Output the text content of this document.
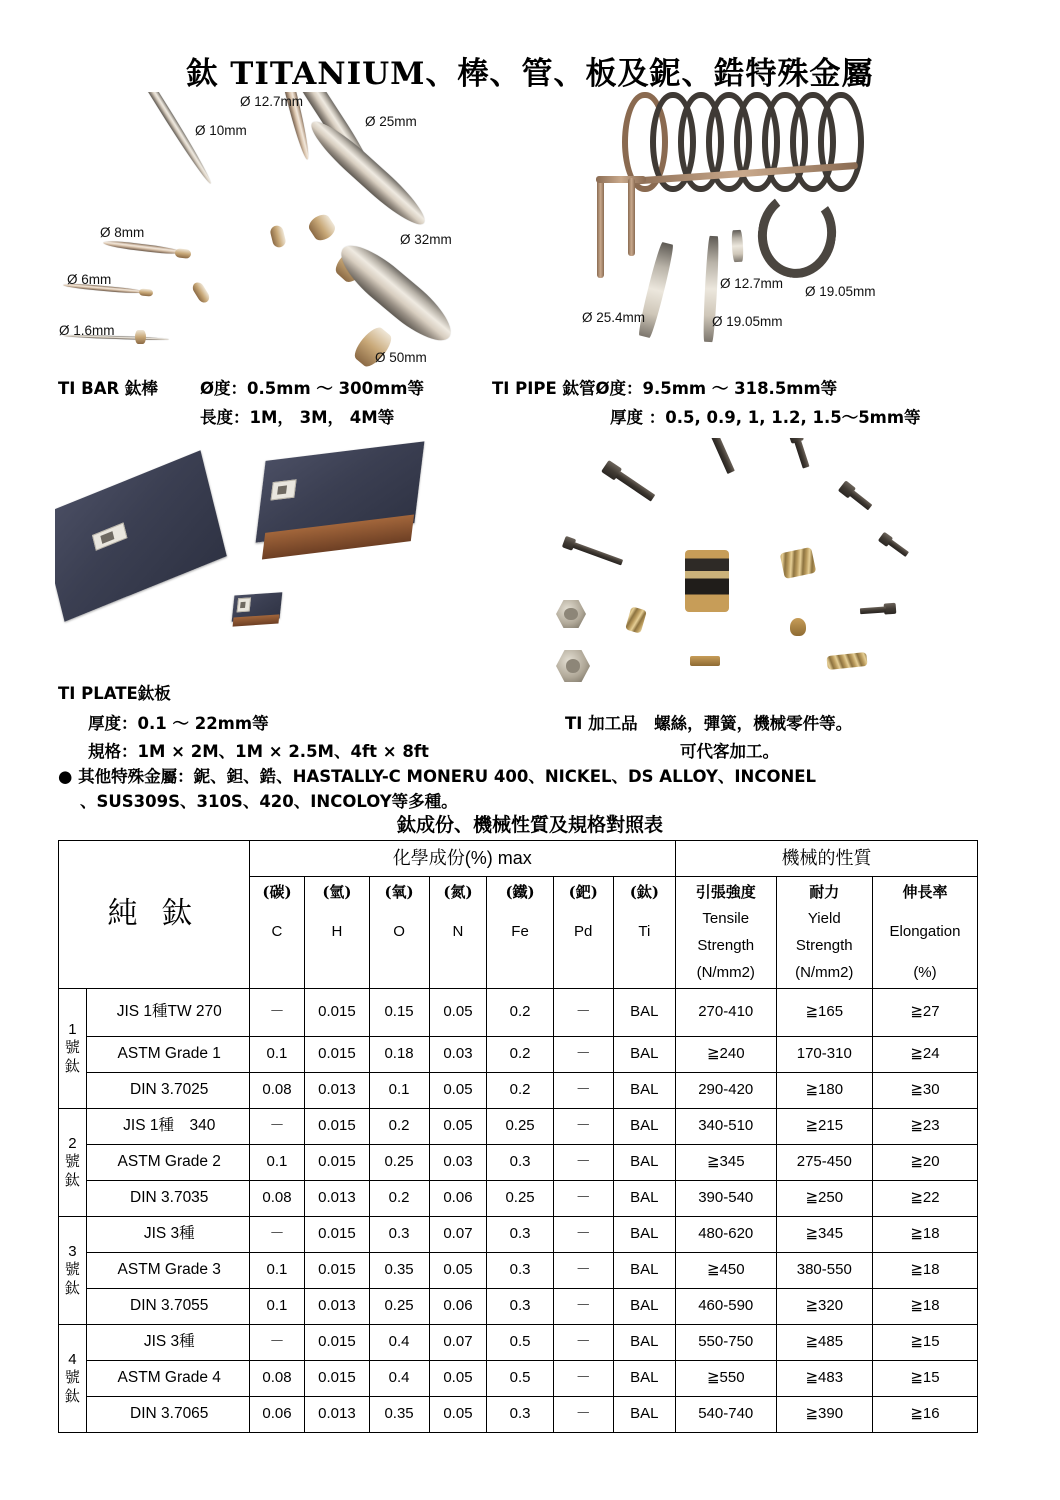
鈦 TITANIUM、棒、管、板及鈮、鋯特殊金屬
Ø 10mm
Ø 12.7mm
Ø 25mm
Ø 8mm	Ø 32mm
Ø 6mm
Ø 1.6mm
Ø 50mm
Ø 12.7mm
Ø 19.05mm
Ø 25.4mm	Ø 19.05mm
TI BAR 鈦棒	Ø度：0.5mm ～ 300mm等
長度：1M， 3M， 4M等
TI PIPE 鈦管Ø度：9.5mm ～ 318.5mm等
厚度 ：0.5, 0.9, 1, 1.2, 1.5～5mm等
TI PLATE鈦板
厚度：0.1 ～ 22mm等
規格：1M × 2M、1M × 2.5M、4ft × 8ft
TI 加工品　螺絲，彈簧，機械零件等。
可代客加工。
● 其他特殊金屬：鈮、鉭、鋯、HASTALLY-C MONERU 400、NICKEL、DS ALLOY、INCONEL
、SUS309S、310S、420、INCOLOY等多種。
鈦成份、機械性質及規格對照表
純 鈦		化學成份(%) max							機械的性質		

		(碳)
C	(氫)
H	(氧)
O	(氮)
N	(鐵)
Fe	(鈀)
Pd	(鈦)
Ti	引張強度
Tensile
Strength
(N/mm2)	耐力
Yield
Strength
(N/mm2)	伸長率
Elongation
(%)

1
號
鈦	JIS 1種TW 270	－	0.015	0.15	0.05	0.2	－	BAL	270-410	≧165	≧27
	ASTM Grade 1	0.1	0.015	0.18	0.03	0.2	－	BAL	≧240	170-310	≧24
	DIN 3.7025	0.08	0.013	0.1	0.05	0.2	－	BAL	290-420	≧180	≧30

2
號
鈦	JIS 1種　340	－	0.015	0.2	0.05	0.25	－	BAL	340-510	≧215	≧23
	ASTM Grade 2	0.1	0.015	0.25	0.03	0.3	－	BAL	≧345	275-450	≧20
	DIN 3.7035	0.08	0.013	0.2	0.06	0.25	－	BAL	390-540	≧250	≧22

3
號
鈦	JIS 3種	－	0.015	0.3	0.07	0.3	－	BAL	480-620	≧345	≧18
	ASTM Grade 3	0.1	0.015	0.35	0.05	0.3	－	BAL	≧450	380-550	≧18
	DIN 3.7055	0.1	0.013	0.25	0.06	0.3	－	BAL	460-590	≧320	≧18

4
號
鈦	JIS 3種	－	0.015	0.4	0.07	0.5	－	BAL	550-750	≧485	≧15
	ASTM Grade 4	0.08	0.015	0.4	0.05	0.5	－	BAL	≧550	≧483	≧15
	DIN 3.7065	0.06	0.013	0.35	0.05	0.3	－	BAL	540-740	≧390	≧16
